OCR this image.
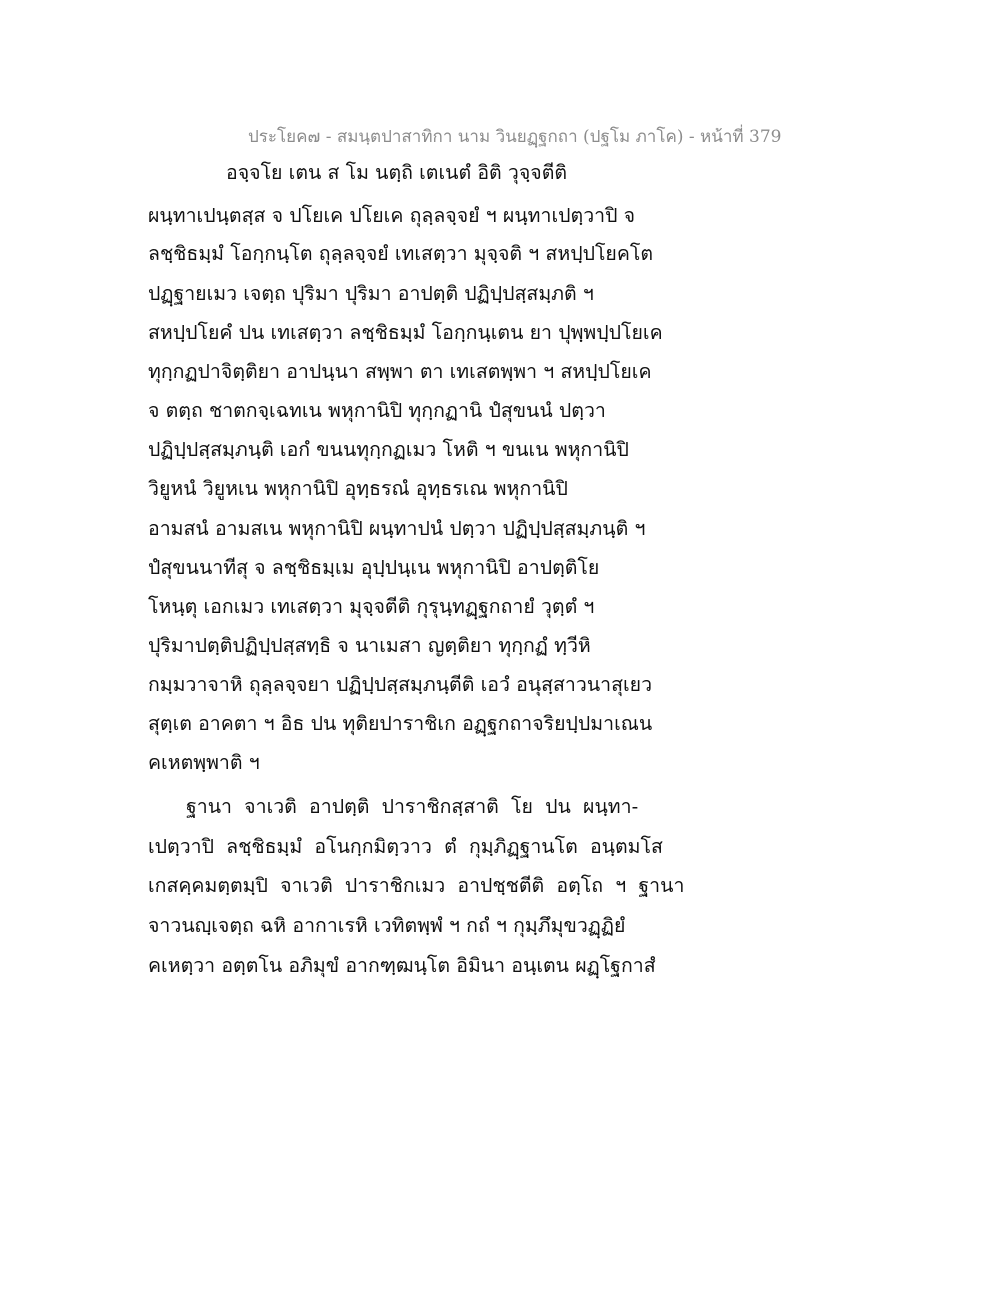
ประโยค๗ - สมนฺตปาสาทิกา นาม วินยฏฺฐกถา (ปฐโม ภาโค) - หน้าที่ 379
อจฺจโย เตน ส โม นตฺถิ เตเนตํ อิติ วุจฺจตีติ
ผนฺทาเปนฺตสฺส จ ปโยเค ปโยเค ถุลฺลจฺจยํ ฯ ผนฺทาเปตฺวาปิ จ
ลชฺชิธมฺมํ โอกฺกนฺโต ถุลฺลจฺจยํ เทเสตฺวา มุจฺจติ ฯ สหปฺปโยคโต
ปฏฺฐายเมว เจตฺถ ปุริมา ปุริมา อาปตฺติ ปฏิปฺปสฺสมฺภติ ฯ
สหปฺปโยคํ ปน เทเสตฺวา ลชฺชิธมฺมํ โอกฺกนฺเตน ยา ปุพฺพปฺปโยเค
ทุกฺกฏปาจิตฺติยา อาปนฺนา สพฺพา ตา เทเสตพฺพา ฯ สหปฺปโยเค
จ ตตฺถ ชาตกจฺเฉทเน พหุกานิปิ ทุกฺกฏานิ ปํสุขนนํ ปตฺวา
ปฏิปฺปสฺสมฺภนฺติ เอกํ ขนนทุกฺกฏเมว โหติ ฯ ขนเน พหุกานิปิ
วิยูหนํ วิยูหเน พหุกานิปิ อุทฺธรณํ อุทฺธรเณ พหุกานิปิ
อามสนํ อามสเน พหุกานิปิ ผนฺทาปนํ ปตฺวา ปฏิปฺปสฺสมฺภนฺติ ฯ
ปํสุขนนาทีสุ จ ลชฺชิธมฺเม อุปฺปนฺเน พหุกานิปิ อาปตฺติโย
โหนฺตุ เอกเมว เทเสตฺวา มุจฺจตีติ กุรุนฺทฏฺฐกถายํ วุตฺตํ ฯ
ปุริมาปตฺติปฏิปฺปสฺสทฺธิ จ นาเมสา ญตฺติยา ทุกฺกฏํ ทฺวีหิ
กมฺมวาจาหิ ถุลฺลจฺจยา ปฏิปฺปสฺสมฺภนฺตีติ เอวํ อนุสฺสาวนาสุเยว
สุตฺเต อาคตา ฯ อิธ ปน ทุติยปาราชิเก อฏฺฐกถาจริยปฺปมาเณน
คเหตพฺพาติ ฯ
ฐานา จาเวติ อาปตฺติ ปาราชิกสฺสาติ โย ปน ผนฺทา-
เปตฺวาปิ ลชฺชิธมฺมํ อโนกฺกมิตฺวาว ตํ กุมฺภิฏฺฐานโต อนฺตมโส
เกสคฺคมตฺตมฺปิ จาเวติ ปาราชิกเมว อาปชฺชตีติ อตฺโถ ฯ ฐานา
จาวนญฺเจตฺถ ฉหิ อากาเรหิ เวทิตพฺพํ ฯ กถํ ฯ กุมฺภึมุขวฏฺฏิยํ
คเหตฺวา อตฺตโน อภิมุขํ อากฑฺฒนฺโต อิมินา อนฺเตน ผฏฺโฐกาสํ
